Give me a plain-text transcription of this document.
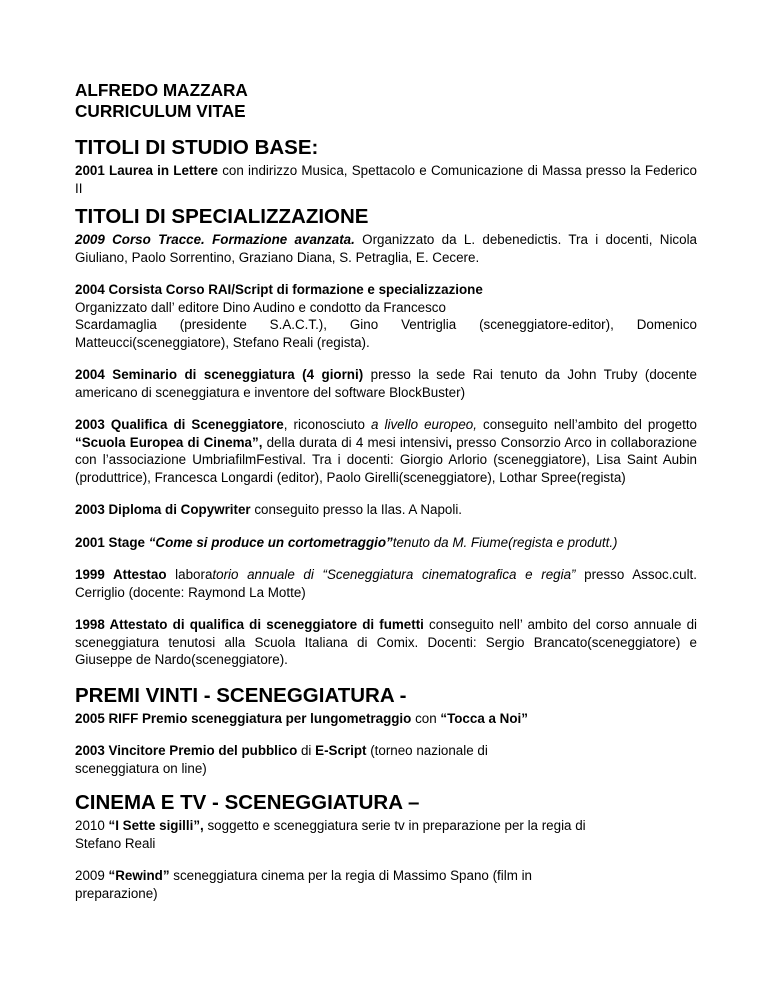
ALFREDO MAZZARA
CURRICULUM VITAE
TITOLI DI STUDIO BASE:

2001 Laurea in Lettere con indirizzo Musica, Spettacolo e Comunicazione di Massa presso la Federico II

TITOLI DI SPECIALIZZAZIONE

2009 Corso Tracce. Formazione avanzata. Organizzato da L. debenedictis. Tra i docenti, Nicola Giuliano, Paolo Sorrentino, Graziano Diana, S. Petraglia, E. Cecere.

2004 Corsista Corso RAI/Script di formazione e specializzazione
Organizzato dall’ editore Dino Audino e condotto da Francesco
Scardamaglia (presidente S.A.C.T.), Gino Ventriglia (sceneggiatore-editor), Domenico Matteucci(sceneggiatore), Stefano Reali (regista).

2004 Seminario di sceneggiatura (4 giorni) presso la sede Rai tenuto da John Truby (docente americano di sceneggiatura e inventore del software BlockBuster)

2003 Qualifica di Sceneggiatore, riconosciuto a livello europeo, conseguito nell’ambito del progetto “Scuola Europea di Cinema”, della durata di 4 mesi intensivi, presso Consorzio Arco in collaborazione con l’associazione UmbriafilmFestival. Tra i docenti: Giorgio Arlorio (sceneggiatore), Lisa Saint Aubin (produttrice), Francesca Longardi (editor), Paolo Girelli(sceneggiatore), Lothar Spree(regista)

2003 Diploma di Copywriter conseguito presso la Ilas. A Napoli.

2001 Stage “Come si produce un cortometraggio”tenuto da M. Fiume(regista e produtt.)

1999 Attestao laboratorio annuale di “Sceneggiatura cinematografica e regia” presso Assoc.cult. Cerriglio (docente: Raymond La Motte)

1998 Attestato di qualifica di sceneggiatore di fumetti conseguito nell’ ambito del corso annuale di sceneggiatura tenutosi alla Scuola Italiana di Comix. Docenti: Sergio Brancato(sceneggiatore) e Giuseppe de Nardo(sceneggiatore).

PREMI VINTI - SCENEGGIATURA -

2005 RIFF Premio sceneggiatura per lungometraggio con “Tocca a Noi”

2003 Vincitore Premio del pubblico di E-Script (torneo nazionale di
sceneggiatura on line)

CINEMA E TV - SCENEGGIATURA –

2010 “I Sette sigilli”, soggetto e sceneggiatura serie tv in preparazione per la regia di
Stefano Reali

2009 “Rewind” sceneggiatura cinema per la regia di Massimo Spano (film in
preparazione)
